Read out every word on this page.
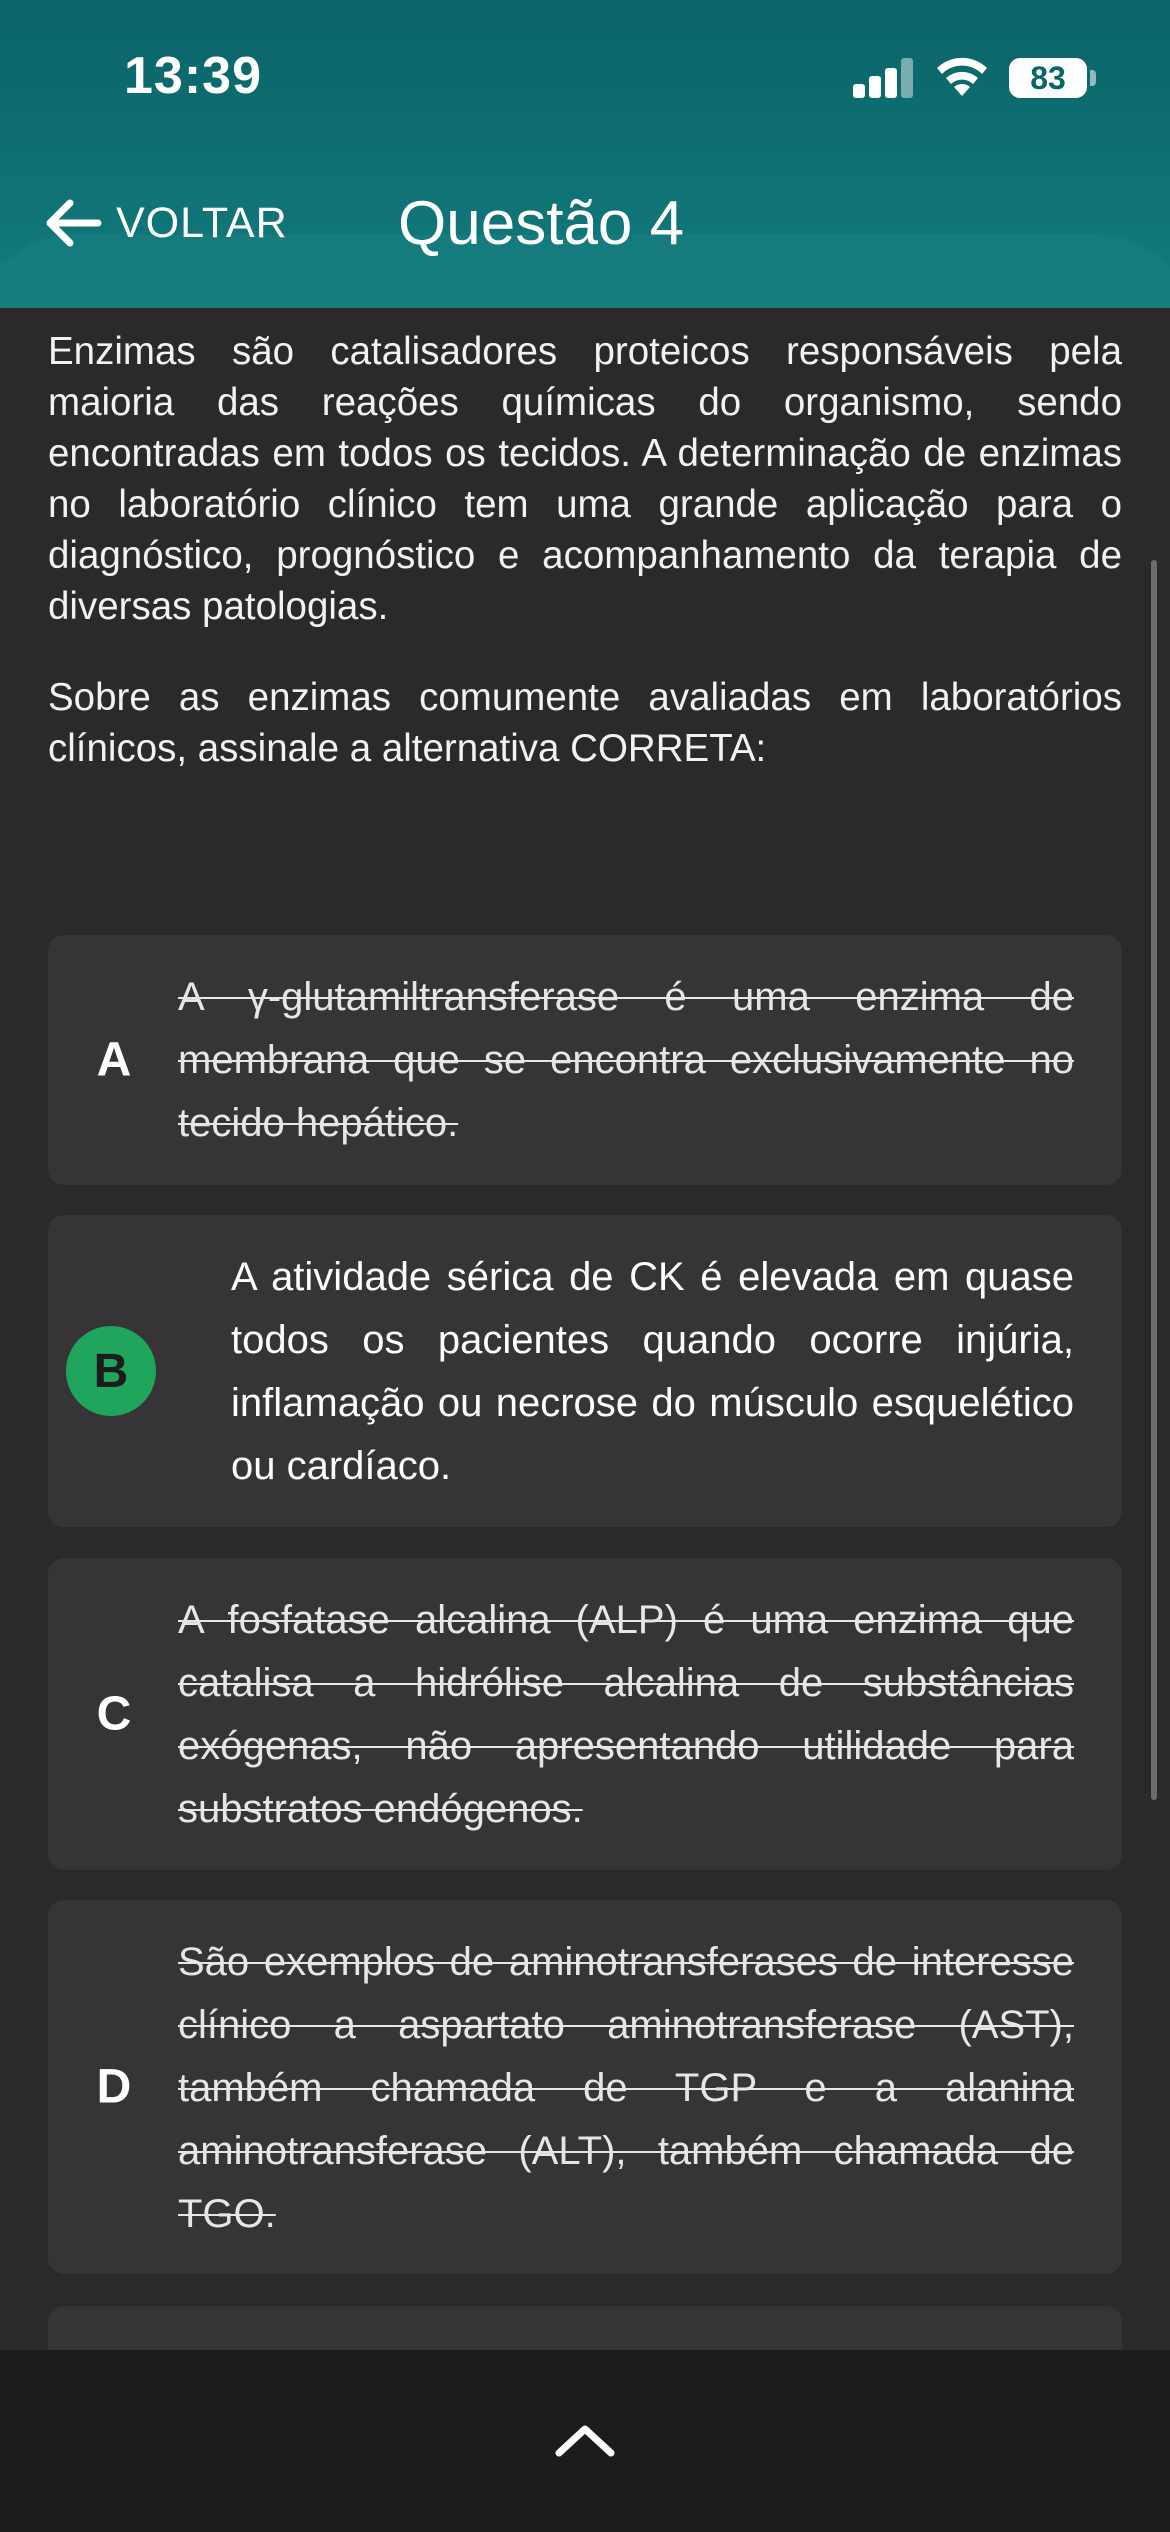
13:39	83
VOLTAR Questão 4

Enzimas são catalisadores proteicos responsáveis pela maioria das reações químicas do organismo, sendo encontradas em todos os tecidos. A determinação de enzimas no laboratório clínico tem uma grande aplicação para o diagnóstico, prognóstico e acompanhamento da terapia de diversas patologias.

Sobre as enzimas comumente avaliadas em laboratórios clínicos, assinale a alternativa CORRETA:

A
A γ-glutamiltransferase é uma enzima de membrana que se encontra exclusivamente no tecido hepático.
B
A atividade sérica de CK é elevada em quase todos os pacientes quando ocorre injúria, inflamação ou necrose do músculo esquelético ou cardíaco.
C
A fosfatase alcalina (ALP) é uma enzima que catalisa a hidrólise alcalina de substâncias exógenas, não apresentando utilidade para substratos endógenos.
D
São exemplos de aminotransferases de interesse clínico a aspartato aminotransferase (AST), também chamada de TGP e a alanina aminotransferase (ALT), também chamada de TGO.
